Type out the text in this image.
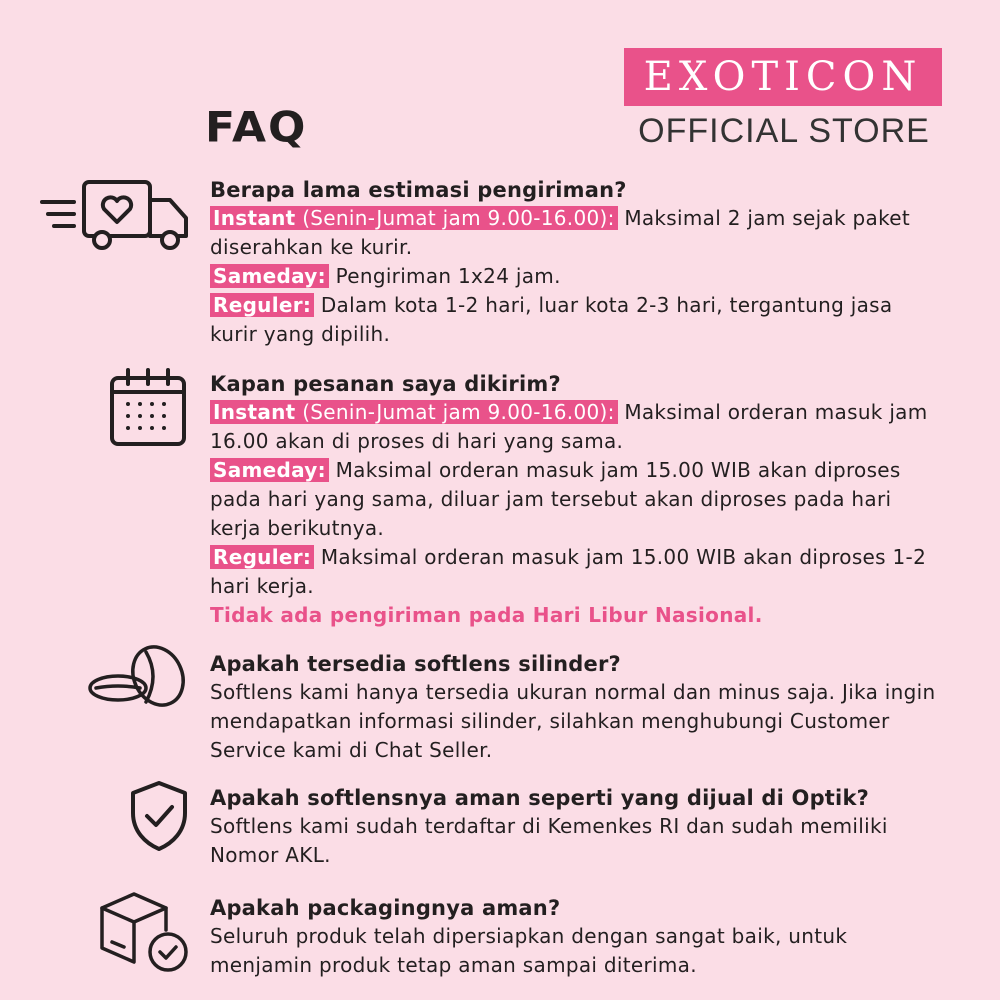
EXOTICON
OFFICIAL STORE
FAQ

Berapa lama estimasi pengiriman?

Instant (Senin-Jumat jam 9.00-16.00): Maksimal 2 jam sejak paket diserahkan ke kurir.

Sameday: Pengiriman 1x24 jam.

Reguler: Dalam kota 1-2 hari, luar kota 2-3 hari, tergantung jasa kurir yang dipilih.

Kapan pesanan saya dikirim?

Instant (Senin-Jumat jam 9.00-16.00): Maksimal orderan masuk jam 16.00 akan di proses di hari yang sama.

Sameday: Maksimal orderan masuk jam 15.00 WIB akan diproses pada hari yang sama, diluar jam tersebut akan diproses pada hari kerja berikutnya.

Reguler: Maksimal orderan masuk jam 15.00 WIB akan diproses 1-2 hari kerja.

Tidak ada pengiriman pada Hari Libur Nasional.

Apakah tersedia softlens silinder?

Softlens kami hanya tersedia ukuran normal dan minus saja. Jika ingin mendapatkan informasi silinder, silahkan menghubungi Customer Service kami di Chat Seller.

Apakah softlensnya aman seperti yang dijual di Optik?

Softlens kami sudah terdaftar di Kemenkes RI dan sudah memiliki Nomor AKL.

Apakah packagingnya aman?

Seluruh produk telah dipersiapkan dengan sangat baik, untuk menjamin produk tetap aman sampai diterima.
